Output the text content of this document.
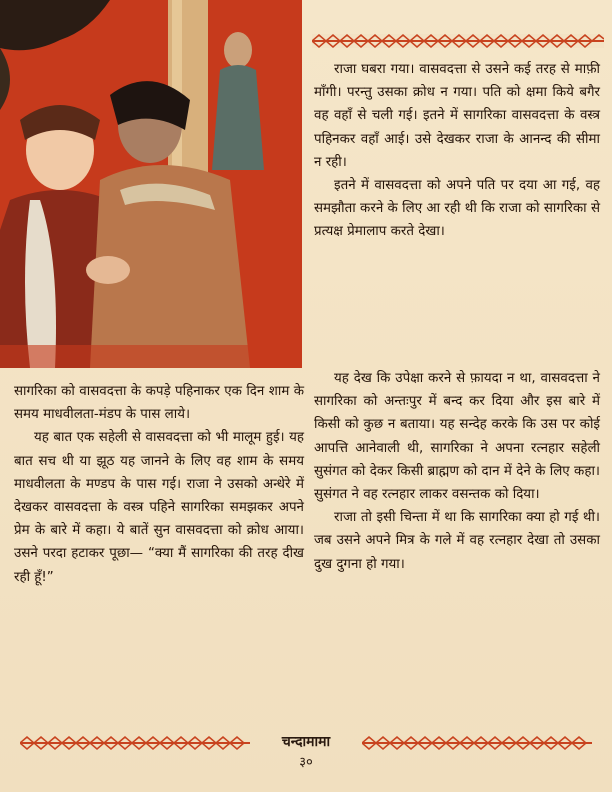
राजा घबरा गया। वासवदत्ता से उसने कई तरह से माफ़ी माँगी। परन्तु उसका क्रोध न गया। पति को क्षमा किये बगैर वह वहाँ से चली गई। इतने में सागरिका वासवदत्ता के वस्त्र पहिनकर वहाँ आई। उसे देखकर राजा के आनन्द की सीमा न रही।

इतने में वासवदत्ता को अपने पति पर दया आ गई, वह समझौता करने के लिए आ रही थी कि राजा को सागरिका से प्रत्यक्ष प्रेमालाप करते देखा।

यह देख कि उपेक्षा करने से फ़ायदा न था, वासवदत्ता ने सागरिका को अन्तःपुर में बन्द कर दिया और इस बारे में किसी को कुछ न बताया। यह सन्देह करके कि उस पर कोई आपत्ति आनेवाली थी, सागरिका ने अपना रत्नहार सहेली सुसंगत को देकर किसी ब्राह्मण को दान में देने के लिए कहा। सुसंगत ने वह रत्नहार लाकर वसन्तक को दिया।

राजा तो इसी चिन्ता में था कि सागरिका क्या हो गई थी। जब उसने अपने मित्र के गले में वह रत्नहार देखा तो उसका दुख दुगना हो गया।

सागरिका को वासवदत्ता के कपड़े पहिनाकर एक दिन शाम के समय माधवीलता-मंडप के पास लाये।

यह बात एक सहेली से वासवदत्ता को भी मालूम हुई। यह बात सच थी या झूठ यह जानने के लिए वह शाम के समय माधवीलता के मण्डप के पास गई। राजा ने उसको अन्धेरे में देखकर वासवदत्ता के वस्त्र पहिने सागरिका समझकर अपने प्रेम के बारे में कहा। ये बातें सुन वासवदत्ता को क्रोध आया। उसने परदा हटाकर पूछा— “क्या मैं सागरिका की तरह दीख रही हूँ!”

चन्दामामा
३०
